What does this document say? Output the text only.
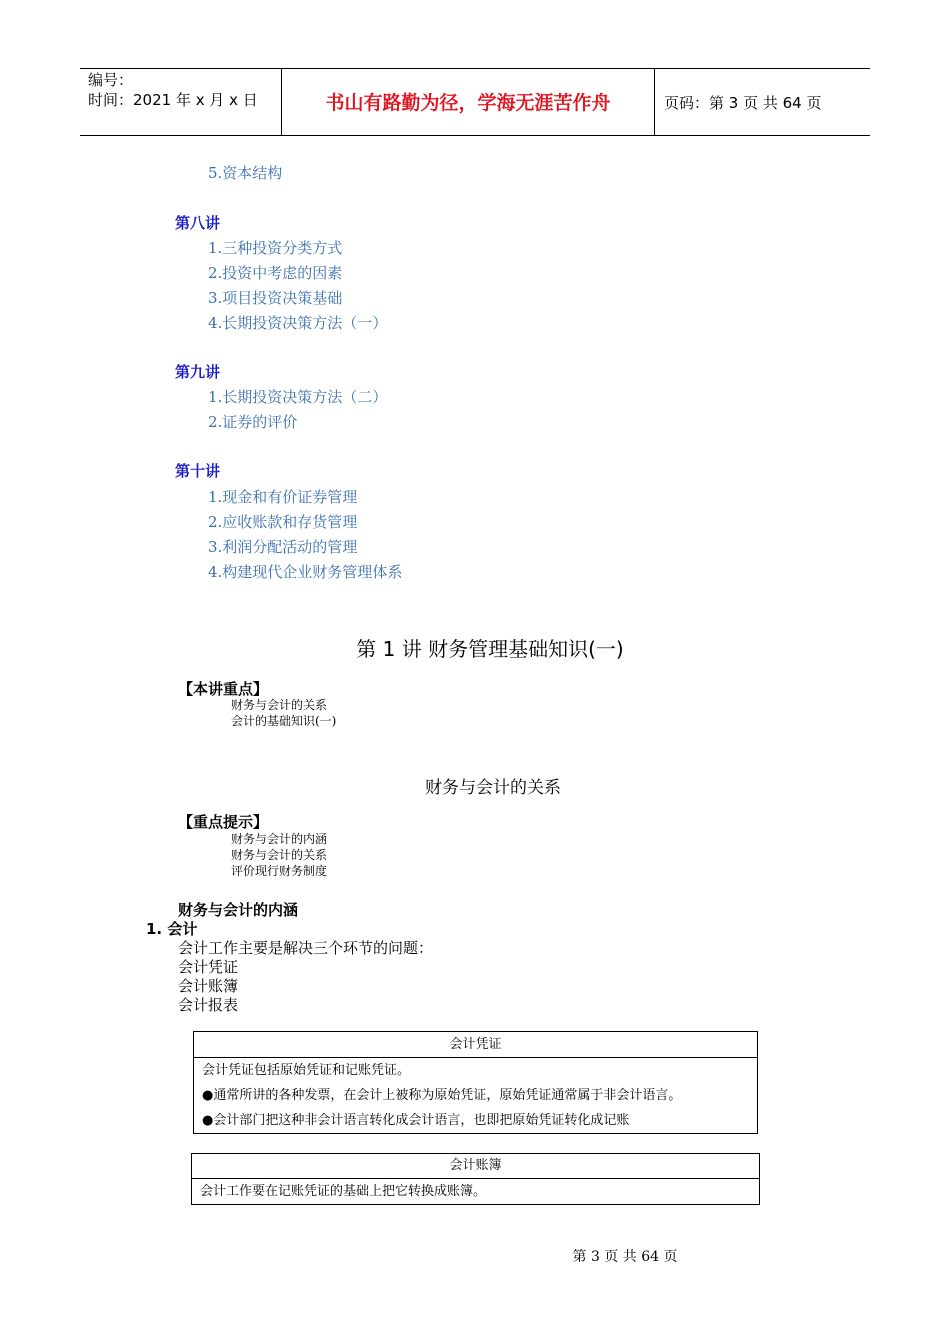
编号：
时间：2021 年 x 月 x 日	书山有路勤为径，学海无涯苦作舟	页码：第 3 页 共 64 页
5.资本结构
第八讲
1.三种投资分类方式
2.投资中考虑的因素
3.项目投资决策基础
4.长期投资决策方法（一）
第九讲
1.长期投资决策方法（二）
2.证券的评价
第十讲
1.现金和有价证券管理
2.应收账款和存货管理
3.利润分配活动的管理
4.构建现代企业财务管理体系
第 1 讲 财务管理基础知识(一)
【本讲重点】
财务与会计的关系
会计的基础知识(一)
财务与会计的关系
【重点提示】
财务与会计的内涵
财务与会计的关系
评价现行财务制度
财务与会计的内涵
1. 会计
会计工作主要是解决三个环节的问题：
会计凭证
会计账簿
会计报表
会计凭证
会计凭证包括原始凭证和记账凭证。
●通常所讲的各种发票，在会计上被称为原始凭证，原始凭证通常属于非会计语言。
●会计部门把这种非会计语言转化成会计语言，也即把原始凭证转化成记账
会计账簿
会计工作要在记账凭证的基础上把它转换成账簿。
第 3 页 共 64 页
